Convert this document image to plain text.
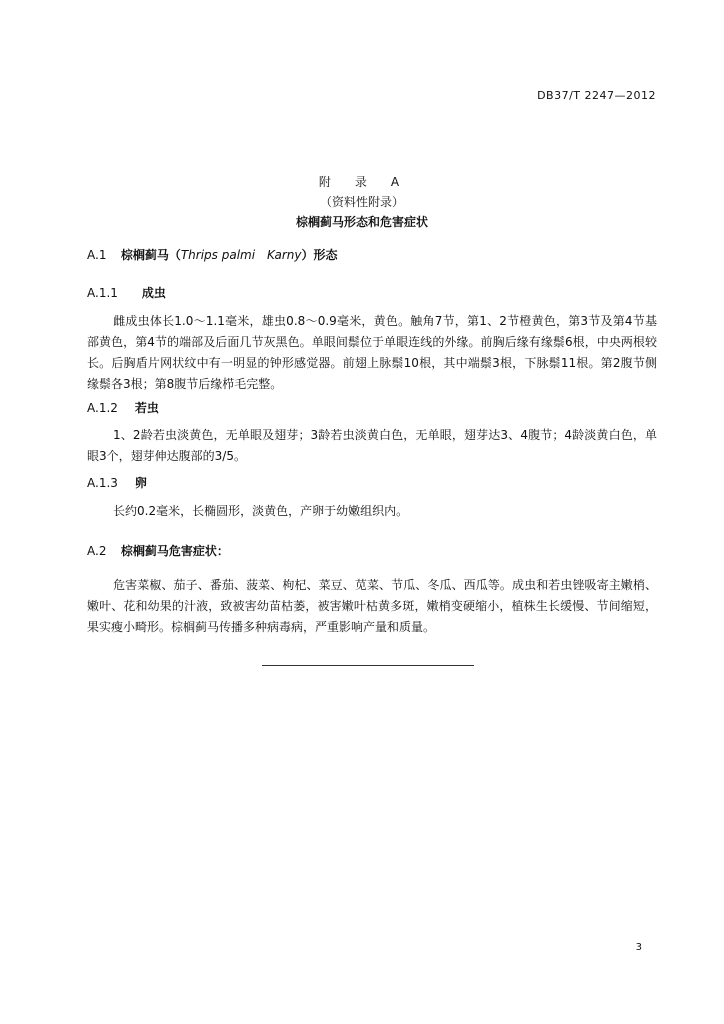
DB37/T 2247—2012
附　录　A
（资料性附录）
棕榈蓟马形态和危害症状
A.1 棕榈蓟马（Thrips palmi　Karny）形态
A.1.1 成虫
雌成虫体长1.0～1.1毫米，雄虫0.8～0.9毫米，黄色。触角7节，第1、2节橙黄色，第3节及第4节基部黄色，第4节的端部及后面几节灰黑色。单眼间鬃位于单眼连线的外缘。前胸后缘有缘鬃6根，中央两根较长。后胸盾片网状纹中有一明显的钟形感觉器。前翅上脉鬃10根，其中端鬃3根，下脉鬃11根。第2腹节侧缘鬃各3根；第8腹节后缘栉毛完整。
A.1.2 若虫
1、2龄若虫淡黄色，无单眼及翅芽；3龄若虫淡黄白色，无单眼，翅芽达3、4腹节；4龄淡黄白色，单眼3个，翅芽伸达腹部的3/5。
A.1.3 卵
长约0.2毫米，长椭圆形，淡黄色，产卵于幼嫩组织内。
A.2 棕榈蓟马危害症状：
危害菜椒、茄子、番茄、菠菜、枸杞、菜豆、苋菜、节瓜、冬瓜、西瓜等。成虫和若虫锉吸寄主嫩梢、嫩叶、花和幼果的汁液，致被害幼苗枯萎，被害嫩叶枯黄多斑，嫩梢变硬缩小，植株生长缓慢、节间缩短，果实瘦小畸形。棕榈蓟马传播多种病毒病，严重影响产量和质量。
3
